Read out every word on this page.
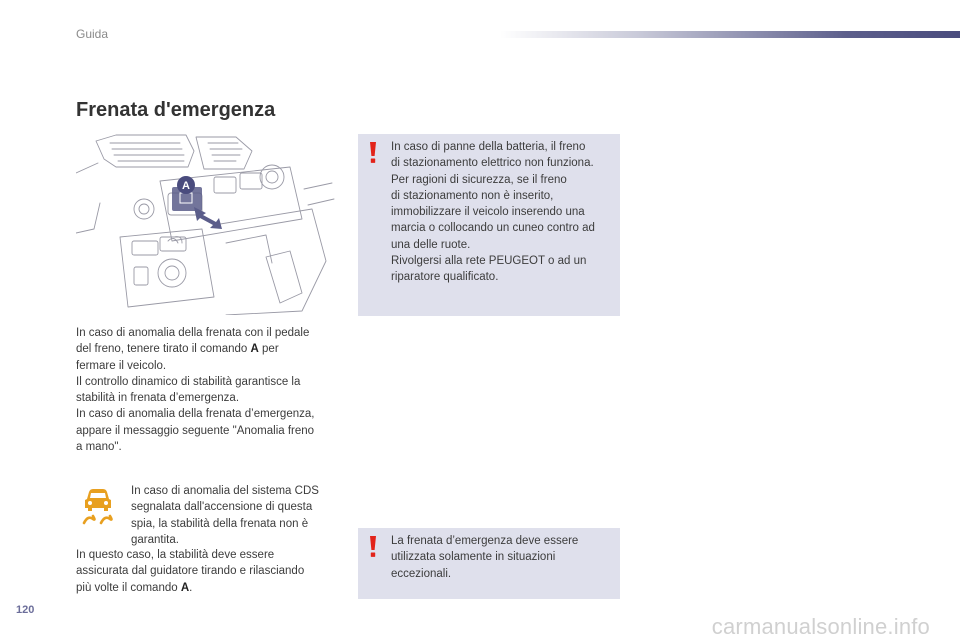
Guida
Frenata d'emergenza
A

In caso di anomalia della frenata con il pedale
del freno, tenere tirato il comando A per
fermare il veicolo.
Il controllo dinamico di stabilità garantisce la
stabilità in frenata d’emergenza.
In caso di anomalia della frenata d’emergenza,
appare il messaggio seguente "Anomalia freno
a mano".

In caso di anomalia del sistema CDS
segnalata dall'accensione di questa
spia, la stabilità della frenata non è
garantita.

In questo caso, la stabilità deve essere
assicurata dal guidatore tirando e rilasciando
più volte il comando A.

In caso di panne della batteria, il freno
di stazionamento elettrico non funziona.
Per ragioni di sicurezza, se il freno
di stazionamento non è inserito,
immobilizzare il veicolo inserendo una
marcia o collocando un cuneo contro ad
una delle ruote.
Rivolgersi alla rete PEUGEOT o ad un
riparatore qualificato.

La frenata d’emergenza deve essere
utilizzata solamente in situazioni
eccezionali.

120
carmanualsonline.info
